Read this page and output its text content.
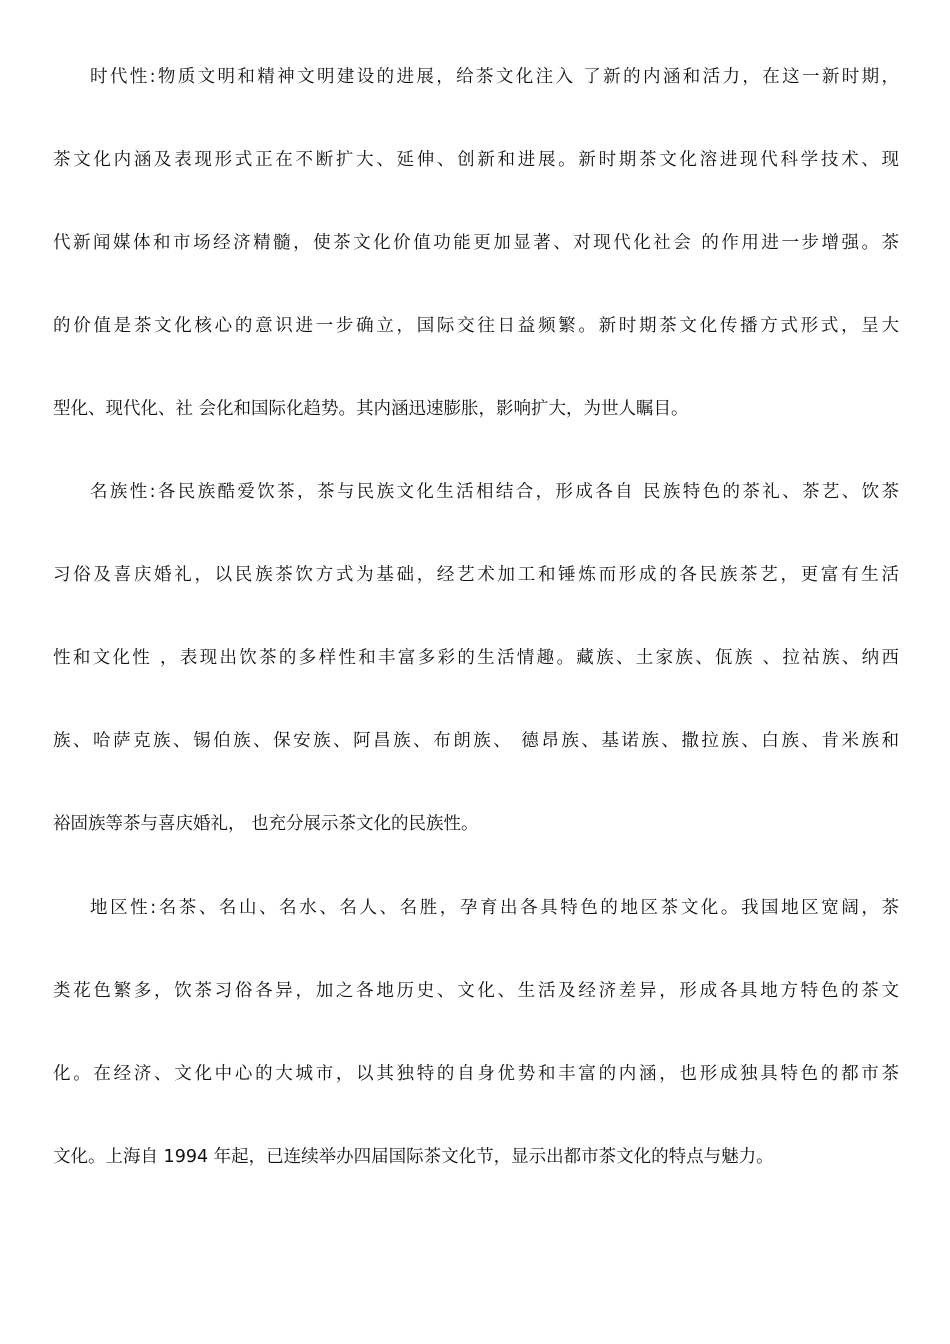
时代性:物质文明和精神文明建设的进展，给茶文化注入 了新的内涵和活力，在这一新时期，
茶文化内涵及表现形式正在不断扩大、延伸、创新和进展。新时期茶文化溶进现代科学技术、现
代新闻媒体和市场经济精髓，使茶文化价值功能更加显著、对现代化社会 的作用进一步增强。茶
的价值是茶文化核心的意识进一步确立，国际交往日益频繁。新时期茶文化传播方式形式，呈大
型化、现代化、社 会化和国际化趋势。其内涵迅速膨胀，影响扩大，为世人瞩目。
名族性:各民族酷爱饮茶，茶与民族文化生活相结合，形成各自 民族特色的茶礼、茶艺、饮茶
习俗及喜庆婚礼，以民族茶饮方式为基础，经艺术加工和锤炼而形成的各民族茶艺，更富有生活
性和文化性 ，表现出饮茶的多样性和丰富多彩的生活情趣。藏族、土家族、佤族 、拉祜族、纳西
族、哈萨克族、锡伯族、保安族、阿昌族、布朗族、 德昂族、基诺族、撒拉族、白族、肯米族和
裕固族等茶与喜庆婚礼， 也充分展示茶文化的民族性。
地区性:名茶、名山、名水、名人、名胜，孕育出各具特色的地区茶文化。我国地区宽阔，茶
类花色繁多，饮茶习俗各异，加之各地历史、文化、生活及经济差异，形成各具地方特色的茶文
化。在经济、文化中心的大城市，以其独特的自身优势和丰富的内涵，也形成独具特色的都市茶
文化。上海自 1994 年起，已连续举办四届国际茶文化节，显示出都市茶文化的特点与魅力。
